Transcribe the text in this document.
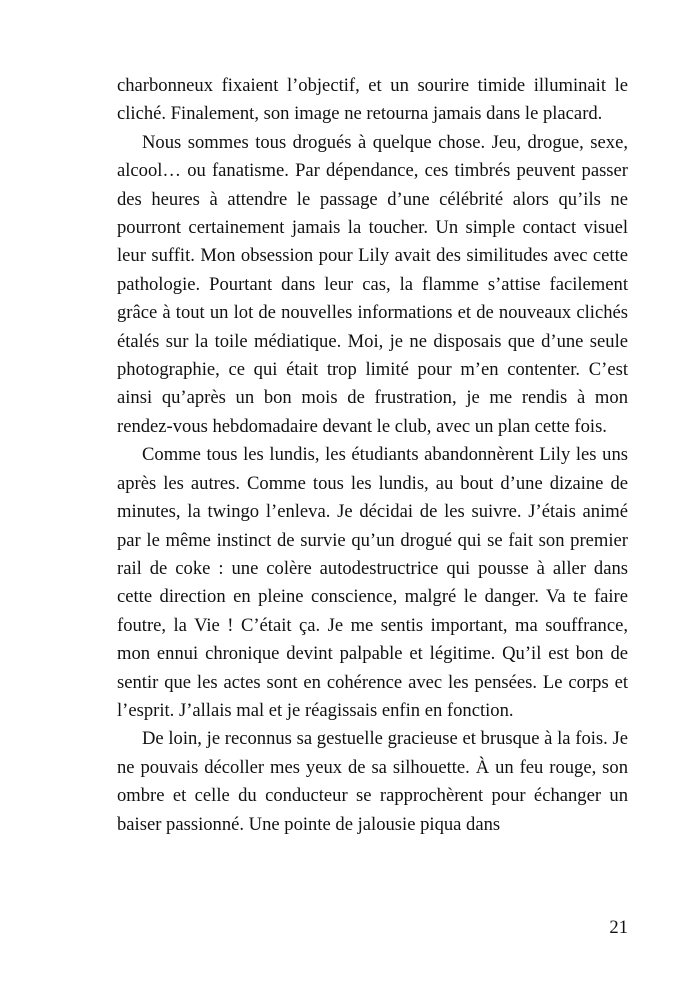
charbonneux fixaient l’objectif, et un sourire timide illuminait le cliché. Finalement, son image ne retourna jamais dans le placard.

Nous sommes tous drogués à quelque chose. Jeu, drogue, sexe, alcool… ou fanatisme. Par dépendance, ces timbrés peuvent passer des heures à attendre le passage d’une célébrité alors qu’ils ne pourront certainement jamais la toucher. Un simple contact visuel leur suffit. Mon obsession pour Lily avait des similitudes avec cette pathologie. Pourtant dans leur cas, la flamme s’attise facilement grâce à tout un lot de nouvelles informations et de nouveaux clichés étalés sur la toile médiatique. Moi, je ne disposais que d’une seule photographie, ce qui était trop limité pour m’en contenter. C’est ainsi qu’après un bon mois de frustration, je me rendis à mon rendez-vous hebdomadaire devant le club, avec un plan cette fois.

Comme tous les lundis, les étudiants abandonnèrent Lily les uns après les autres. Comme tous les lundis, au bout d’une dizaine de minutes, la twingo l’enleva. Je décidai de les suivre. J’étais animé par le même instinct de survie qu’un drogué qui se fait son premier rail de coke : une colère autodestructrice qui pousse à aller dans cette direction en pleine conscience, malgré le danger. Va te faire foutre, la Vie ! C’était ça. Je me sentis important, ma souffrance, mon ennui chronique devint palpable et légitime. Qu’il est bon de sentir que les actes sont en cohérence avec les pensées. Le corps et l’esprit. J’allais mal et je réagissais enfin en fonction.

De loin, je reconnus sa gestuelle gracieuse et brusque à la fois. Je ne pouvais décoller mes yeux de sa silhouette. À un feu rouge, son ombre et celle du conducteur se rapprochèrent pour échanger un baiser passionné. Une pointe de jalousie piqua dans

21
